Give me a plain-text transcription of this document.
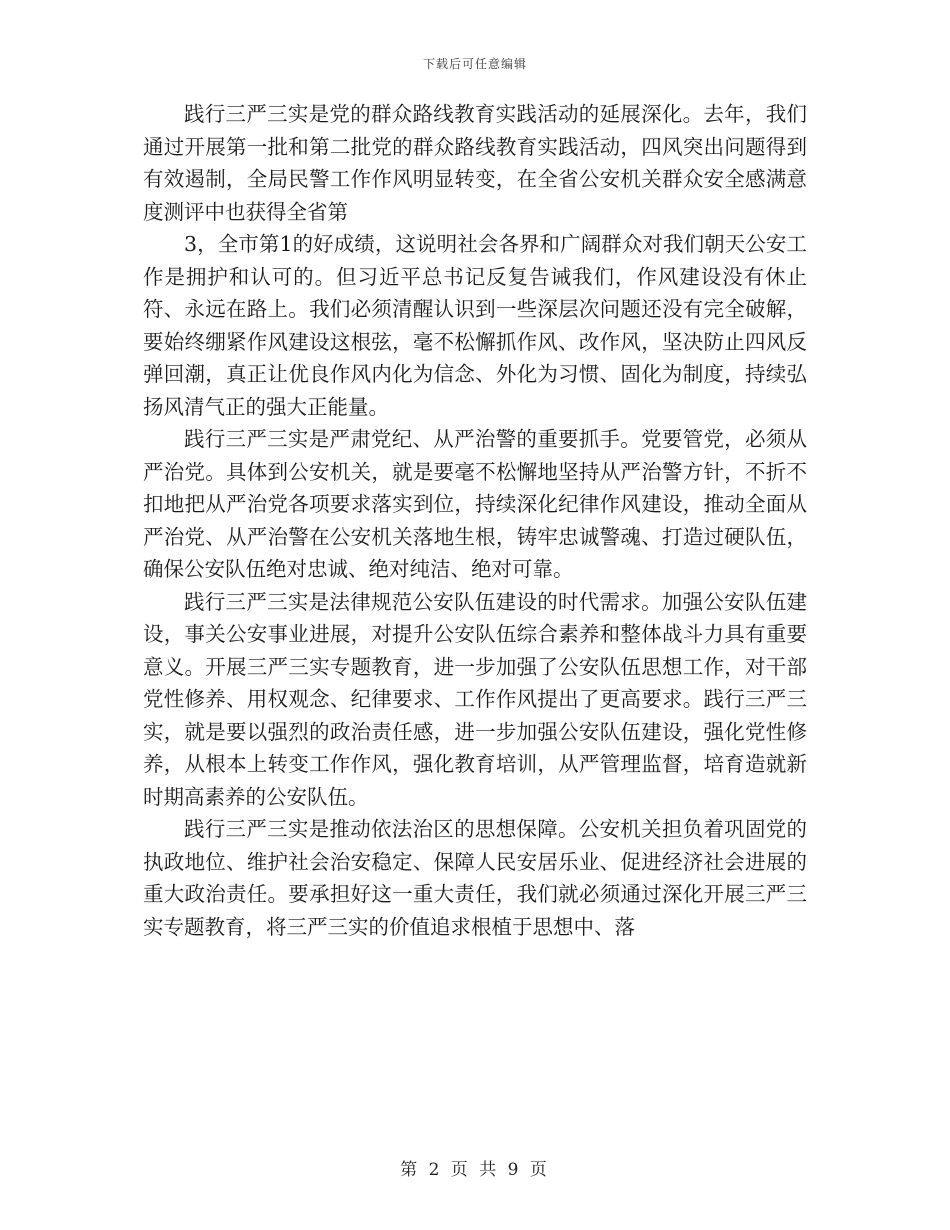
下载后可任意编辑

践行三严三实是党的群众路线教育实践活动的延展深化。去年，我们通过开展第一批和第二批党的群众路线教育实践活动，四风突出问题得到有效遏制，全局民警工作作风明显转变，在全省公安机关群众安全感满意度测评中也获得全省第

3，全市第1的好成绩，这说明社会各界和广阔群众对我们朝天公安工作是拥护和认可的。但习近平总书记反复告诫我们，作风建设没有休止符、永远在路上。我们必须清醒认识到一些深层次问题还没有完全破解，要始终绷紧作风建设这根弦，毫不松懈抓作风、改作风，坚决防止四风反弹回潮，真正让优良作风内化为信念、外化为习惯、固化为制度，持续弘扬风清气正的强大正能量。

践行三严三实是严肃党纪、从严治警的重要抓手。党要管党，必须从严治党。具体到公安机关，就是要毫不松懈地坚持从严治警方针，不折不扣地把从严治党各项要求落实到位，持续深化纪律作风建设，推动全面从严治党、从严治警在公安机关落地生根，铸牢忠诚警魂、打造过硬队伍，确保公安队伍绝对忠诚、绝对纯洁、绝对可靠。

践行三严三实是法律规范公安队伍建设的时代需求。加强公安队伍建设，事关公安事业进展，对提升公安队伍综合素养和整体战斗力具有重要意义。开展三严三实专题教育，进一步加强了公安队伍思想工作，对干部党性修养、用权观念、纪律要求、工作作风提出了更高要求。践行三严三实，就是要以强烈的政治责任感，进一步加强公安队伍建设，强化党性修养，从根本上转变工作作风，强化教育培训，从严管理监督，培育造就新时期高素养的公安队伍。

践行三严三实是推动依法治区的思想保障。公安机关担负着巩固党的执政地位、维护社会治安稳定、保障人民安居乐业、促进经济社会进展的重大政治责任。要承担好这一重大责任，我们就必须通过深化开展三严三实专题教育，将三严三实的价值追求根植于思想中、落

第 2 页 共 9 页
